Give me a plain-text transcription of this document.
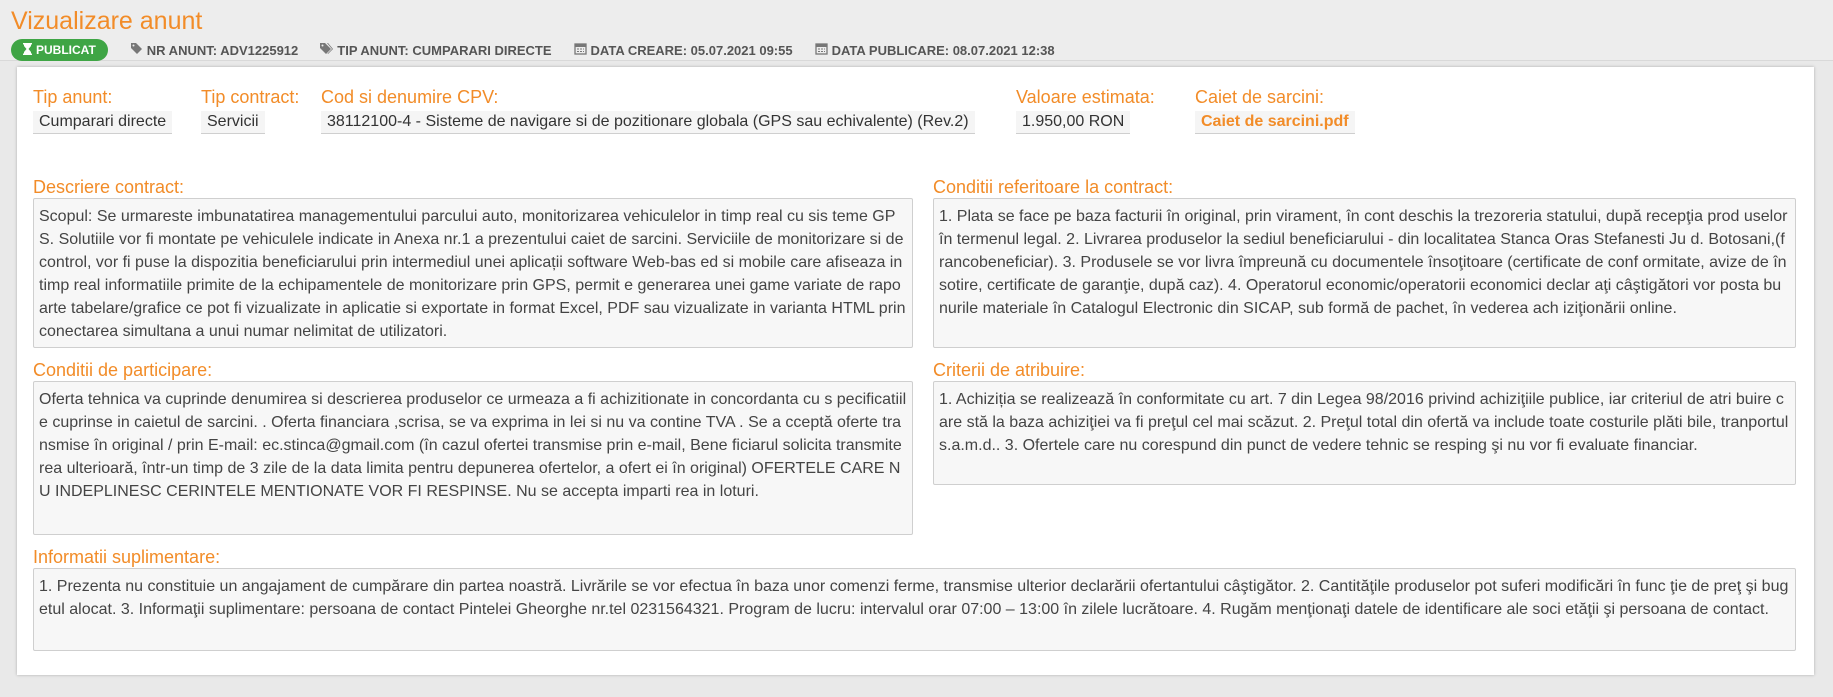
Vizualizare anunt
PUBLICAT	NR ANUNT: ADV1225912	TIP ANUNT: CUMPARARI DIRECTE	DATA CREARE: 05.07.2021 09:55	DATA PUBLICARE: 08.07.2021 12:38
Tip anunt:
Cumparari directe
Tip contract:
Servicii
Cod si denumire CPV:
38112100-4 - Sisteme de navigare si de pozitionare globala (GPS sau echivalente) (Rev.2)
Valoare estimata:
1.950,00 RON
Caiet de sarcini:
Caiet de sarcini.pdf
Descriere contract:
Scopul: Se urmareste imbunatatirea managementului parcului auto, monitorizarea vehiculelor in timp real cu sis teme GPS. Solutiile vor fi montate pe vehiculele indicate in Anexa nr.1 a prezentului caiet de sarcini. Serviciile de monitorizare si de control, vor fi puse la dispozitia beneficiarului prin intermediul unei aplicații software Web-bas ed si mobile care afiseaza in timp real informatiile primite de la echipamentele de monitorizare prin GPS, permit e generarea unei game variate de rapoarte tabelare/grafice ce pot fi vizualizate in aplicatie si exportate in format Excel, PDF sau vizualizate in varianta HTML prin conectarea simultana a unui numar nelimitat de utilizatori.
Conditii referitoare la contract:
1. Plata se face pe baza facturii în original, prin virament, în cont deschis la trezoreria statului, după recepţia prod uselor în termenul legal. 2. Livrarea produselor la sediul beneficiarului - din localitatea Stanca Oras Stefanesti Ju d. Botosani,(francobeneficiar). 3. Produsele se vor livra împreună cu documentele însoţitoare (certificate de conf ormitate, avize de însotire, certificate de garanţie, după caz). 4. Operatorul economic/operatorii economici declar aţi câştigători vor posta bunurile materiale în Catalogul Electronic din SICAP, sub formă de pachet, în vederea ach iziţionării online.
Conditii de participare:
Oferta tehnica va cuprinde denumirea si descrierea produselor ce urmeaza a fi achizitionate in concordanta cu s pecificatiile cuprinse in caietul de sarcini. . Oferta financiara ,scrisa, se va exprima in lei si nu va contine TVA . Se a cceptă oferte transmise în original / prin E-mail: ec.stinca@gmail.com (în cazul ofertei transmise prin e-mail, Bene ficiarul solicita transmiterea ulterioară, într-un timp de 3 zile de la data limita pentru depunerea ofertelor, a ofert ei în original) OFERTELE CARE NU INDEPLINESC CERINTELE MENTIONATE VOR FI RESPINSE. Nu se accepta imparti rea in loturi.
Criterii de atribuire:
1. Achiziția se realizează în conformitate cu art. 7 din Legea 98/2016 privind achiziţiile publice, iar criteriul de atri buire care stă la baza achiziţiei va fi preţul cel mai scăzut. 2. Preţul total din ofertă va include toate costurile plăti bile, tranportul s.a.m.d.. 3. Ofertele care nu corespund din punct de vedere tehnic se resping şi nu vor fi evaluate financiar.
Informatii suplimentare:
1. Prezenta nu constituie un angajament de cumpărare din partea noastră. Livrările se vor efectua în baza unor comenzi ferme, transmise ulterior declarării ofertantului câştigător. 2. Cantităţile produselor pot suferi modificări în func ţie de preţ şi bugetul alocat. 3. Informaţii suplimentare: persoana de contact Pintelei Gheorghe nr.tel 0231564321. Program de lucru: intervalul orar 07:00 – 13:00 în zilele lucrătoare. 4. Rugăm menţionaţi datele de identificare ale soci etăţii şi persoana de contact.
